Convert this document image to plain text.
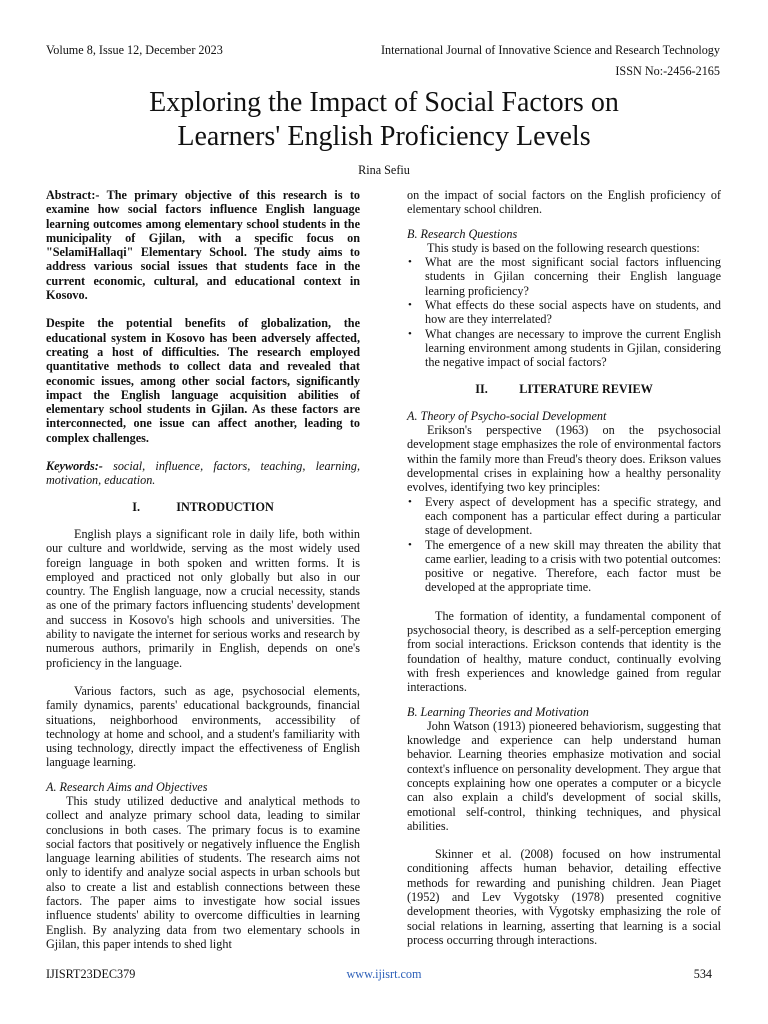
Volume 8, Issue 12, December 2023	International Journal of Innovative Science and Research Technology
ISSN No:-2456-2165
Exploring the Impact of Social Factors on
Learners' English Proficiency Levels
Rina Sefiu

Abstract:- The primary objective of this research is to examine how social factors influence English language learning outcomes among elementary school students in the municipality of Gjilan, with a specific focus on "SelamiHallaqi" Elementary School. The study aims to address various social issues that students face in the current economic, cultural, and educational context in Kosovo.

Despite the potential benefits of globalization, the educational system in Kosovo has been adversely affected, creating a host of difficulties. The research employed quantitative methods to collect data and revealed that economic issues, among other social factors, significantly impact the English language acquisition abilities of elementary school students in Gjilan. As these factors are interconnected, one issue can affect another, leading to complex challenges.

Keywords:- social, influence, factors, teaching, learning, motivation, education.

I.	INTRODUCTION

English plays a significant role in daily life, both within our culture and worldwide, serving as the most widely used foreign language in both spoken and written forms. It is employed and practiced not only globally but also in our country. The English language, now a crucial necessity, stands as one of the primary factors influencing students' development and success in Kosovo's high schools and universities. The ability to navigate the internet for serious works and research by numerous authors, primarily in English, depends on one's proficiency in the language.

Various factors, such as age, psychosocial elements, family dynamics, parents' educational backgrounds, financial situations, neighborhood environments, accessibility of technology at home and school, and a student's familiarity with using technology, directly impact the effectiveness of English language learning.

A. Research Aims and Objectives

This study utilized deductive and analytical methods to collect and analyze primary school data, leading to similar conclusions in both cases. The primary focus is to examine social factors that positively or negatively influence the English language learning abilities of students. The research aims not only to identify and analyze social aspects in urban schools but also to create a list and establish connections between these factors. The paper aims to investigate how social issues influence students' ability to overcome difficulties in learning English. By analyzing data from two elementary schools in Gjilan, this paper intends to shed light

on the impact of social factors on the English proficiency of elementary school children.

B. Research Questions

This study is based on the following research questions:

• What are the most significant social factors influencing students in Gjilan concerning their English language learning proficiency?
• What effects do these social aspects have on students, and how are they interrelated?
• What changes are necessary to improve the current English learning environment among students in Gjilan, considering the negative impact of social factors?
II.	LITERATURE REVIEW
A. Theory of Psycho-social Development

Erikson's perspective (1963) on the psychosocial development stage emphasizes the role of environmental factors within the family more than Freud's theory does. Erikson values developmental crises in explaining how a healthy personality evolves, identifying two key principles:

• Every aspect of development has a specific strategy, and each component has a particular effect during a particular stage of development.
• The emergence of a new skill may threaten the ability that came earlier, leading to a crisis with two potential outcomes: positive or negative. Therefore, each factor must be developed at the appropriate time.

The formation of identity, a fundamental component of psychosocial theory, is described as a self-perception emerging from social interactions. Erickson contends that identity is the foundation of healthy, mature conduct, continually evolving with fresh experiences and knowledge gained from regular interactions.

B. Learning Theories and Motivation

John Watson (1913) pioneered behaviorism, suggesting that knowledge and experience can help understand human behavior. Learning theories emphasize motivation and social context's influence on personality development. They argue that concepts explaining how one operates a computer or a bicycle can also explain a child's development of social skills, emotional self-control, thinking techniques, and physical abilities.

Skinner et al. (2008) focused on how instrumental conditioning affects human behavior, detailing effective methods for rewarding and punishing children. Jean Piaget (1952) and Lev Vygotsky (1978) presented cognitive development theories, with Vygotsky emphasizing the role of social relations in learning, asserting that learning is a social process occurring through interactions.

IJISRT23DEC379	www.ijisrt.com	534
